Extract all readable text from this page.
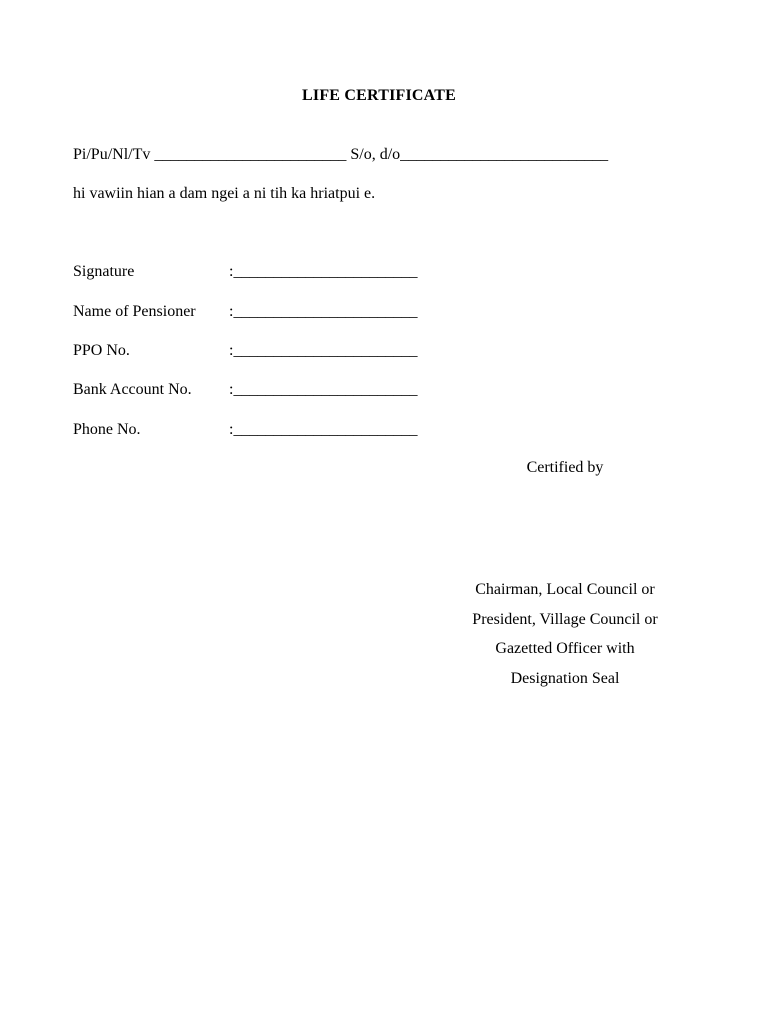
LIFE CERTIFICATE
Pi/Pu/Nl/Tv ________________________ S/o, d/o__________________________
hi vawiin hian a dam ngei a ni tih ka hriatpui e.
Signature	:_______________________
Name of Pensioner :_______________________
PPO No.	:_______________________
Bank Account No. :_______________________
Phone No.	:_______________________
Certified by
Chairman, Local Council or
President, Village Council or
Gazetted Officer with
Designation Seal
